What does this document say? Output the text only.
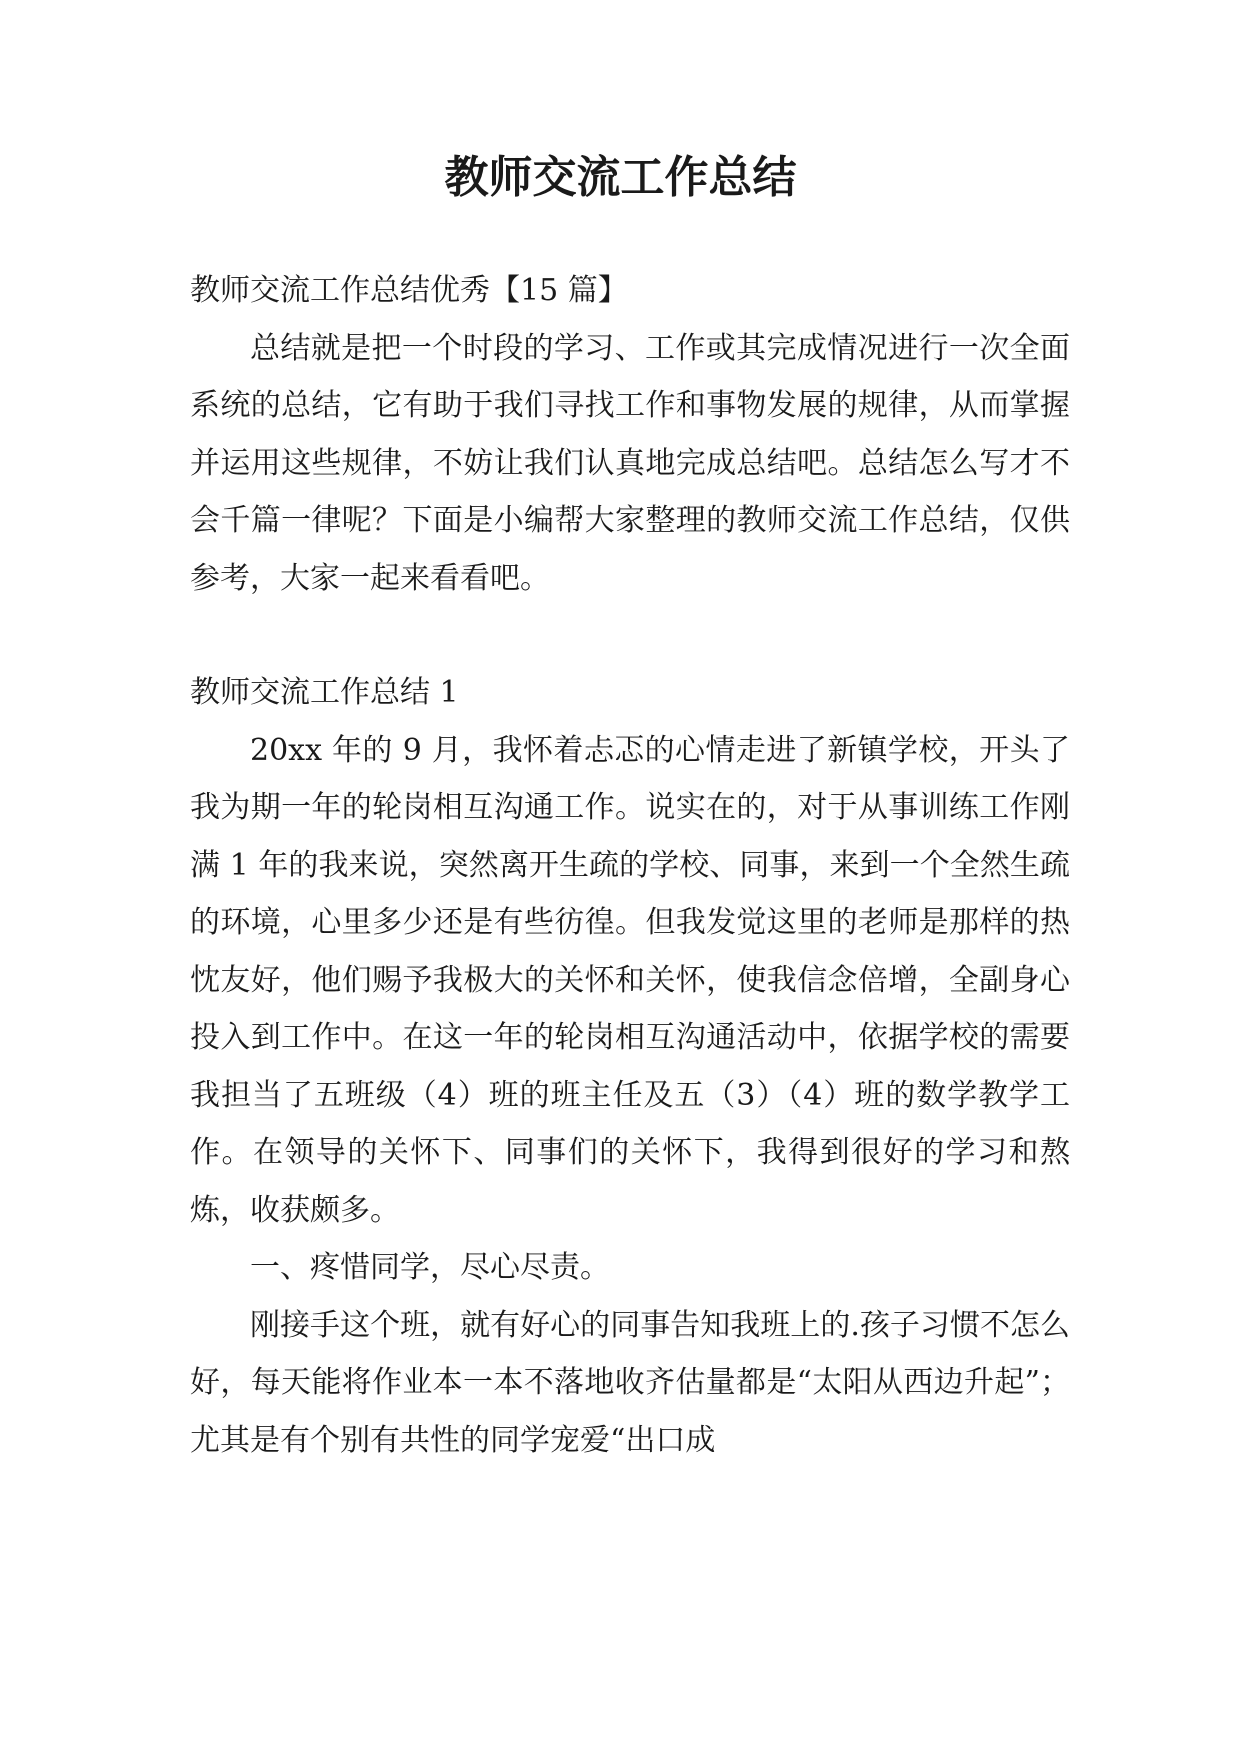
教师交流工作总结

教师交流工作总结优秀【15 篇】

总结就是把一个时段的学习、工作或其完成情况进行一次全面系统的总结，它有助于我们寻找工作和事物发展的规律，从而掌握并运用这些规律，不妨让我们认真地完成总结吧。总结怎么写才不会千篇一律呢？下面是小编帮大家整理的教师交流工作总结，仅供参考，大家一起来看看吧。

教师交流工作总结 1

20xx 年的 9 月，我怀着忐忑的心情走进了新镇学校，开头了我为期一年的轮岗相互沟通工作。说实在的，对于从事训练工作刚满 1 年的我来说，突然离开生疏的学校、同事，来到一个全然生疏的环境，心里多少还是有些彷徨。但我发觉这里的老师是那样的热忱友好，他们赐予我极大的关怀和关怀，使我信念倍增，全副身心投入到工作中。在这一年的轮岗相互沟通活动中，依据学校的需要我担当了五班级（4）班的班主任及五（3）（4）班的数学教学工作。在领导的关怀下、同事们的关怀下，我得到很好的学习和熬炼，收获颇多。

一、疼惜同学，尽心尽责。

刚接手这个班，就有好心的同事告知我班上的.孩子习惯不怎么好，每天能将作业本一本不落地收齐估量都是“太阳从西边升起”；尤其是有个别有共性的同学宠爱“出口成
